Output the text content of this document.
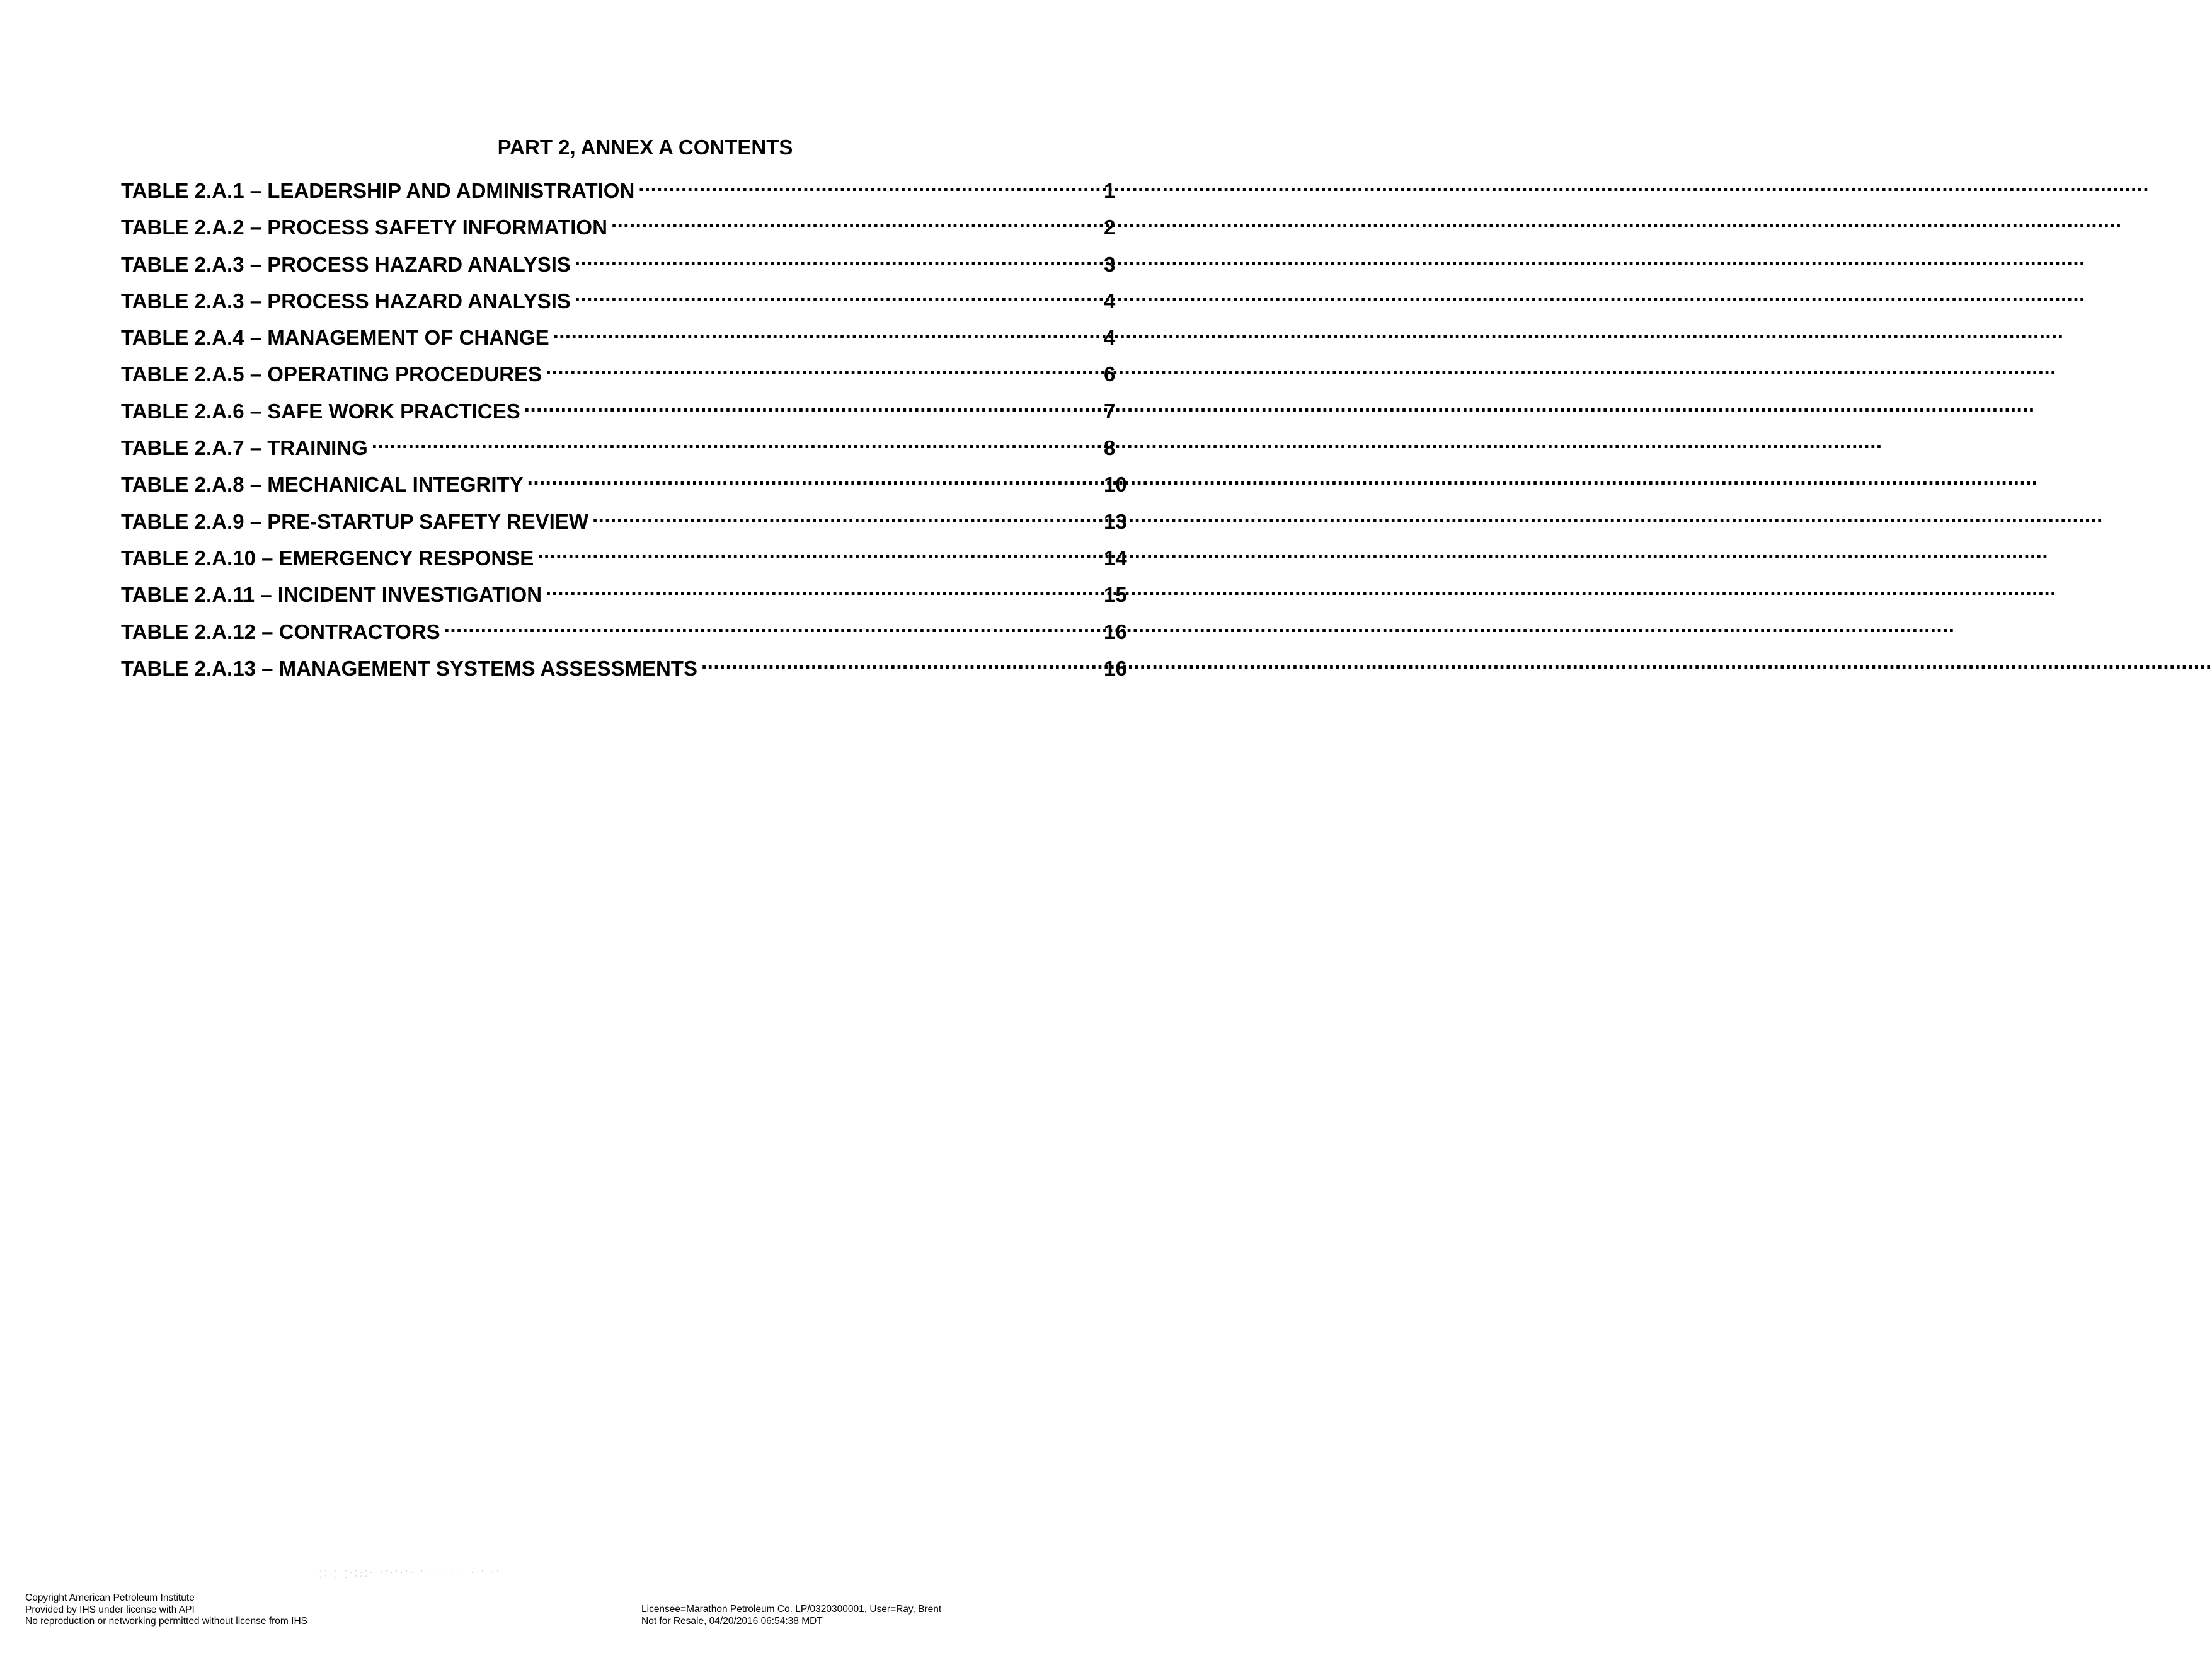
PART 2, ANNEX A CONTENTS
TABLE 2.A.1 – LEADERSHIP AND ADMINISTRATION .....	1
TABLE 2.A.2 – PROCESS SAFETY INFORMATION .....	2
TABLE 2.A.3 – PROCESS HAZARD ANALYSIS .....	3
TABLE 2.A.3 – PROCESS HAZARD ANALYSIS .....	4
TABLE 2.A.4 – MANAGEMENT OF CHANGE .....	4
TABLE 2.A.5 – OPERATING PROCEDURES .....	6
TABLE 2.A.6 – SAFE WORK PRACTICES .....	7
TABLE 2.A.7 – TRAINING .....	8
TABLE 2.A.8 – MECHANICAL INTEGRITY .....	10
TABLE 2.A.9 – PRE-STARTUP SAFETY REVIEW .....	13
TABLE 2.A.10 – EMERGENCY RESPONSE .....	14
TABLE 2.A.11 – INCIDENT INVESTIGATION .....	15
TABLE 2.A.12 – CONTRACTORS .....	16
TABLE 2.A.13 – MANAGEMENT SYSTEMS ASSESSMENTS .....	16
-· · ·.·.·. .·.·.·. · · · · · . · .· .· . . ·--
Copyright American Petroleum Institute
Provided by IHS under license with API
No reproduction or networking permitted without license from IHS
Licensee=Marathon Petroleum Co. LP/0320300001, User=Ray, Brent
Not for Resale, 04/20/2016 06:54:38 MDT
